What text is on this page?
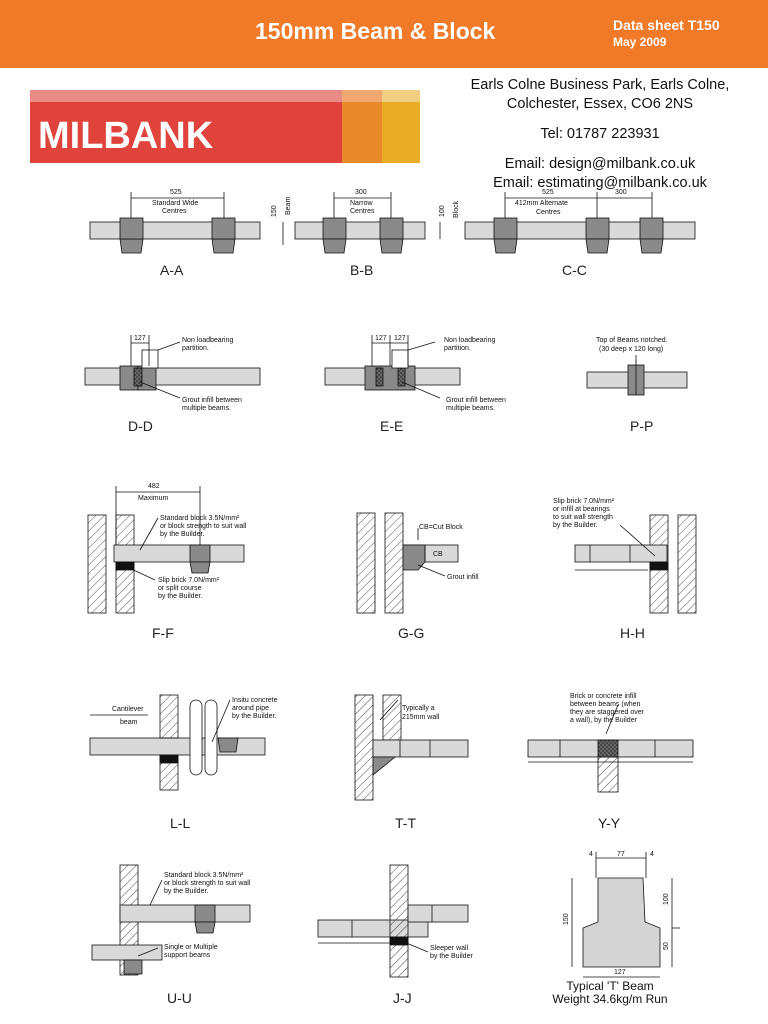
150mm Beam & Block	Data sheet T150
May 2009
MILBANK
Earls Colne Business Park, Earls Colne,
Colchester, Essex, CO6 2NS
Tel: 01787 223931
Email: design@milbank.co.uk
Email: estimating@milbank.co.uk
525
Standard Wide
Centres	150 Beam
300
Narrow
Centres	100 Block
525	300
412mm Alternate
Centres
127	Non loadbearing
partition.
Grout infill between
multiple beams.
127 127	Non loadbearing
partition.
Grout infill between
multiple beams.
Top of Beams notched.
(30 deep x 120 long)
482
Maximum
Standard block 3.5N/mm²
or block strength to suit wall
by the Builder.
Slip brick 7.0N/mm²
or split course
by the Builder.
CB=Cut Block
CB
Grout infill
Slip brick 7.0N/mm²
or infill at bearings
to suit wall strength
by the Builder.
Cantilever
beam
Insitu concrete
around pipe
by the Builder.
Typically a
215mm wall
Brick or concrete infill
between beams (when
they are staggered over
a wall), by the Builder
Standard block 3.5N/mm²
or block strength to suit wall
by the Builder.
Single or Multiple
support beams
Sleeper wall
by the Builder
77
4	4
150
100
50
127
A-A	B-B	C-C
D-D	E-E	P-P
F-F	G-G	H-H
L-L	T-T	Y-Y
U-U	J-J
Typical 'T' Beam
Weight 34.6kg/m Run
